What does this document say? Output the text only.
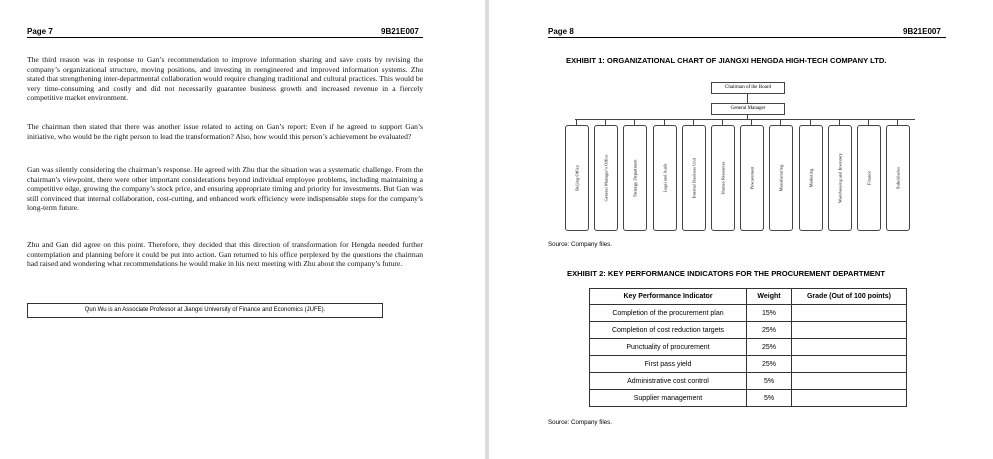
Page 7	9B21E007

The third reason was in response to Gan’s recommendation to improve information sharing and save costs by revising the company’s organizational structure, moving positions, and investing in reengineered and improved information systems. Zhu stated that strengthening inter-departmental collaboration would require changing traditional and cultural practices. This would be very time-consuming and costly and did not necessarily guarantee business growth and increased revenue in a fiercely competitive market environment.

The chairman then stated that there was another issue related to acting on Gan’s report: Even if he agreed to support Gan’s initiative, who would be the right person to lead the transformation? Also, how would this person’s achievement be evaluated?

Gan was silently considering the chairman’s response. He agreed with Zhu that the situation was a systematic challenge. From the chairman’s viewpoint, there were other important considerations beyond individual employee problems, including maintaining a competitive edge, growing the company’s stock price, and ensuring appropriate timing and priority for investments. But Gan was still convinced that internal collaboration, cost-cutting, and enhanced work efficiency were indispensable steps for the company’s long-term future.

Zhu and Gan did agree on this point. Therefore, they decided that this direction of transformation for Hengda needed further contemplation and planning before it could be put into action. Gan returned to his office perplexed by the questions the chairman had raised and wondering what recommendations he would make in his next meeting with Zhu about the company’s future.

Qun Wu is an Associate Professor at Jiangxi University of Finance and Economics (JUFE).
Page 8	9B21E007
EXHIBIT 1: ORGANIZATIONAL CHART OF JIANGXI HENGDA HIGH-TECH COMPANY LTD.
Chairman of the Board
General Manager
Beijing Office	General Manager’s Office	Strategy Department	Legal and Audit	Internal Business Unit	Human Resources	Procurement	Manufacturing	Marketing	Warehousing and Inventory	Finance	Subsidiaries
Source: Company files.
EXHIBIT 2: KEY PERFORMANCE INDICATORS FOR THE PROCUREMENT DEPARTMENT
Key Performance Indicator	Weight	Grade (Out of 100 points)
Completion of the procurement plan	15%	
Completion of cost reduction targets	25%	
Punctuality of procurement	25%	
First pass yield	25%	
Administrative cost control	5%	
Supplier management	5%	
Source: Company files.
